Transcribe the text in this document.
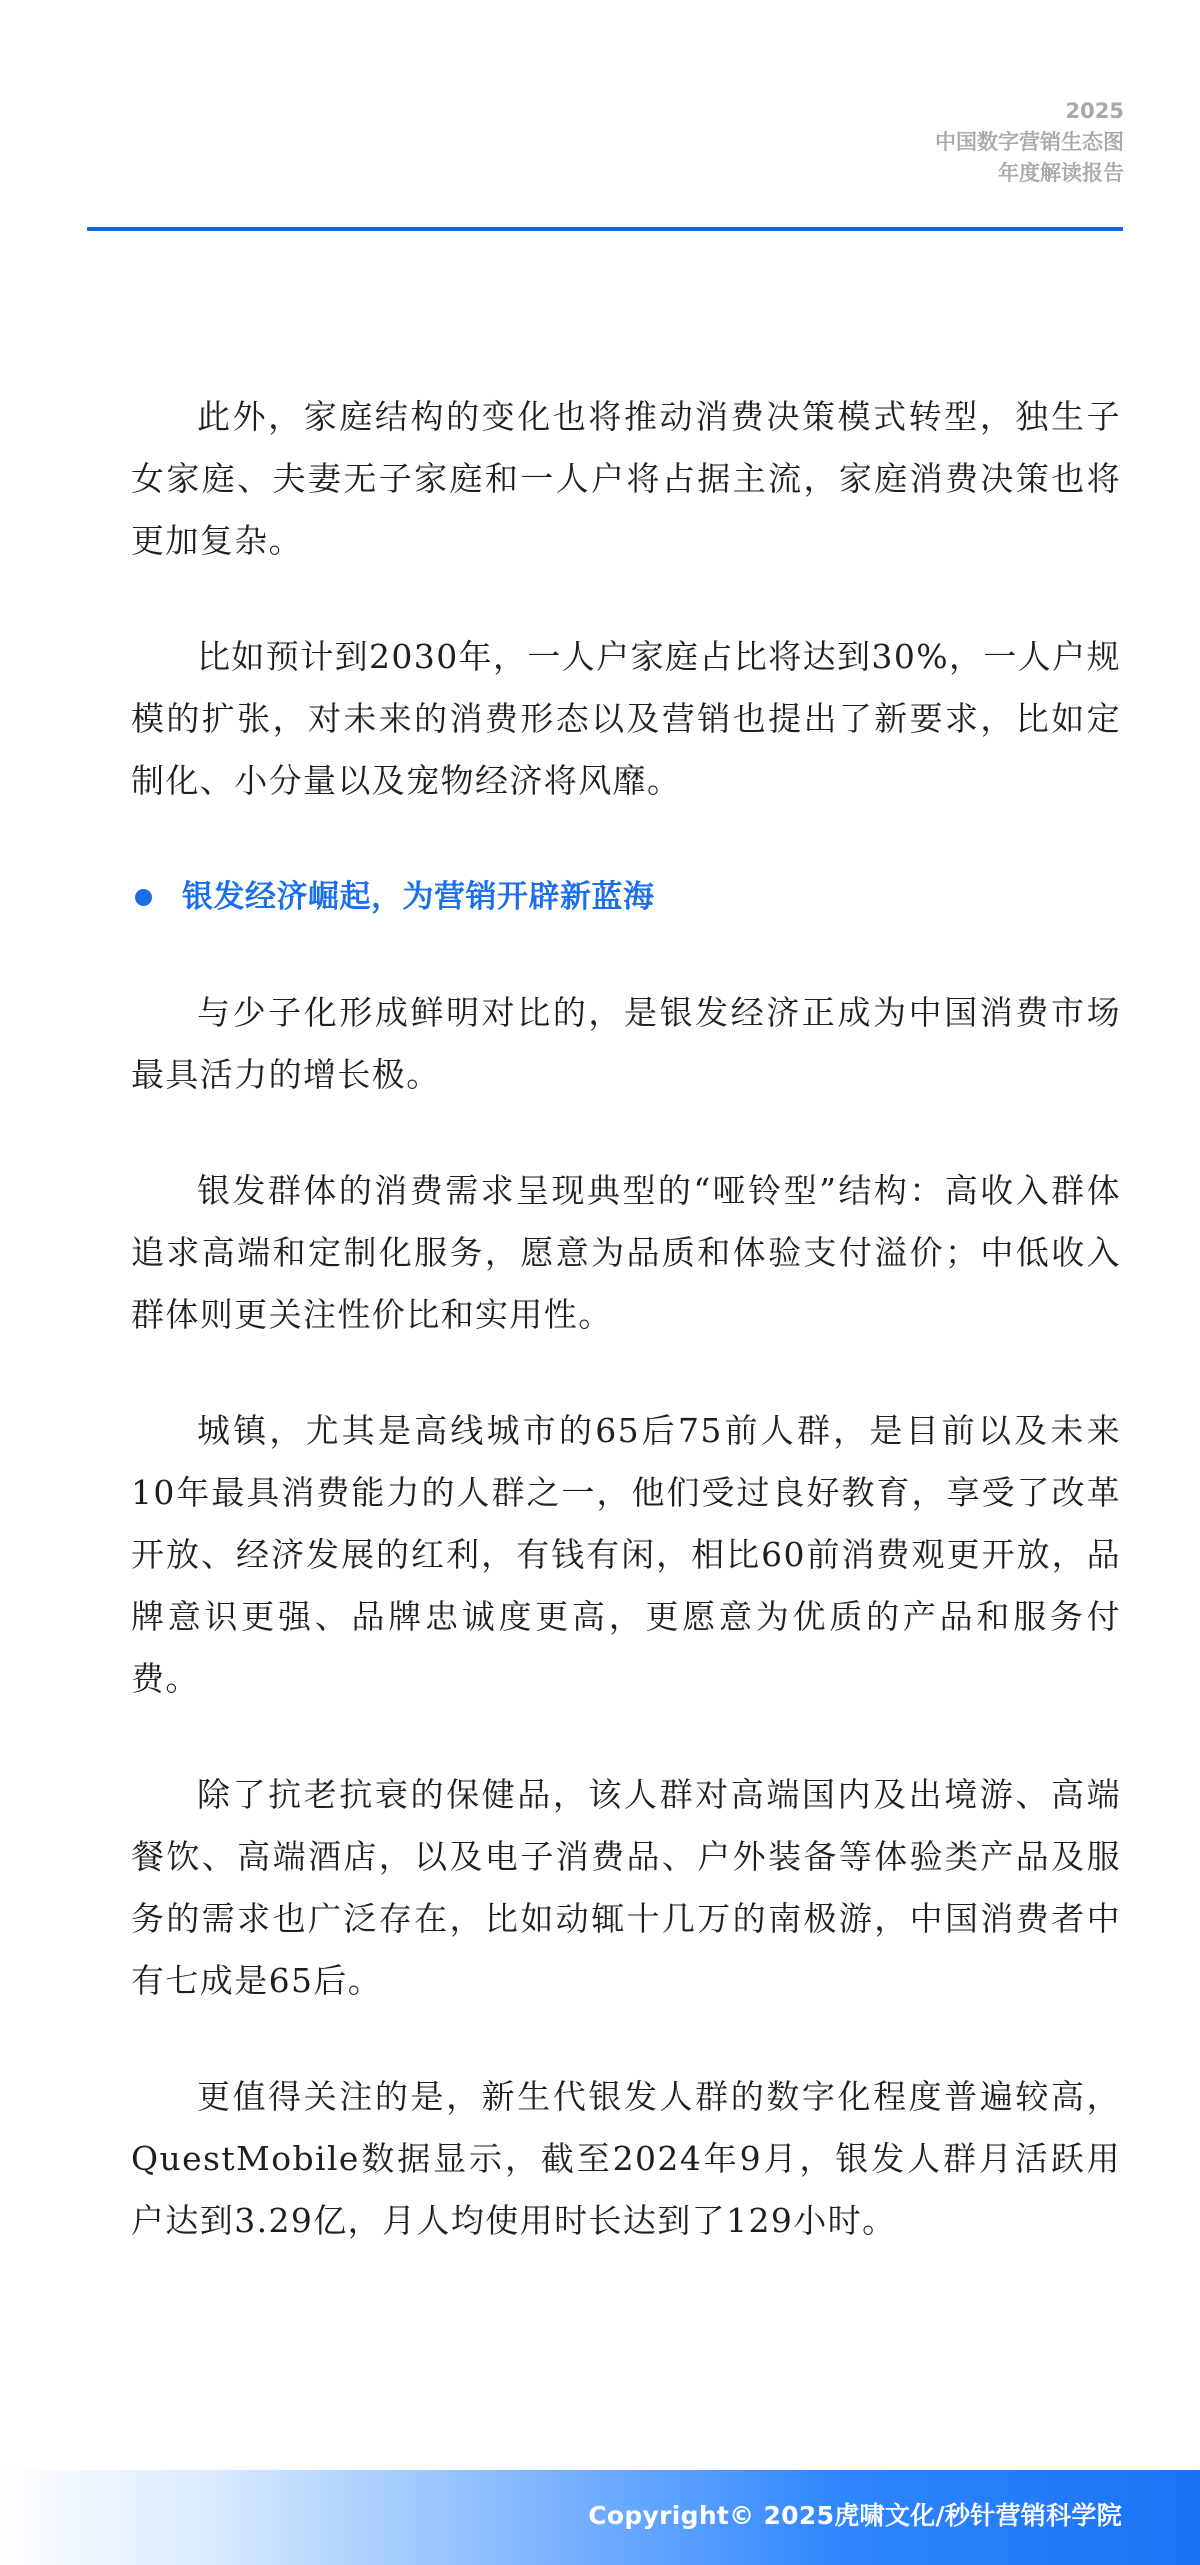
2025
中国数字营销生态图
年度解读报告

此外，家庭结构的变化也将推动消费决策模式转型，独生子女家庭、夫妻无子家庭和一人户将占据主流，家庭消费决策也将更加复杂。

比如预计到2030年，一人户家庭占比将达到30%，一人户规模的扩张，对未来的消费形态以及营销也提出了新要求，比如定制化、小分量以及宠物经济将风靡。

银发经济崛起，为营销开辟新蓝海

与少子化形成鲜明对比的，是银发经济正成为中国消费市场最具活力的增长极。

银发群体的消费需求呈现典型的“哑铃型”结构：高收入群体追求高端和定制化服务，愿意为品质和体验支付溢价；中低收入群体则更关注性价比和实用性。

城镇，尤其是高线城市的65后75前人群，是目前以及未来10年最具消费能力的人群之一，他们受过良好教育，享受了改革开放、经济发展的红利，有钱有闲，相比60前消费观更开放，品牌意识更强、品牌忠诚度更高，更愿意为优质的产品和服务付费。

除了抗老抗衰的保健品，该人群对高端国内及出境游、高端餐饮、高端酒店，以及电子消费品、户外装备等体验类产品及服务的需求也广泛存在，比如动辄十几万的南极游，中国消费者中有七成是65后。

更值得关注的是，新生代银发人群的数字化程度普遍较高，QuestMobile数据显示，截至2024年9月，银发人群月活跃用户达到3.29亿，月人均使用时长达到了129小时。

Copyright© 2025虎啸文化/秒针营销科学院
